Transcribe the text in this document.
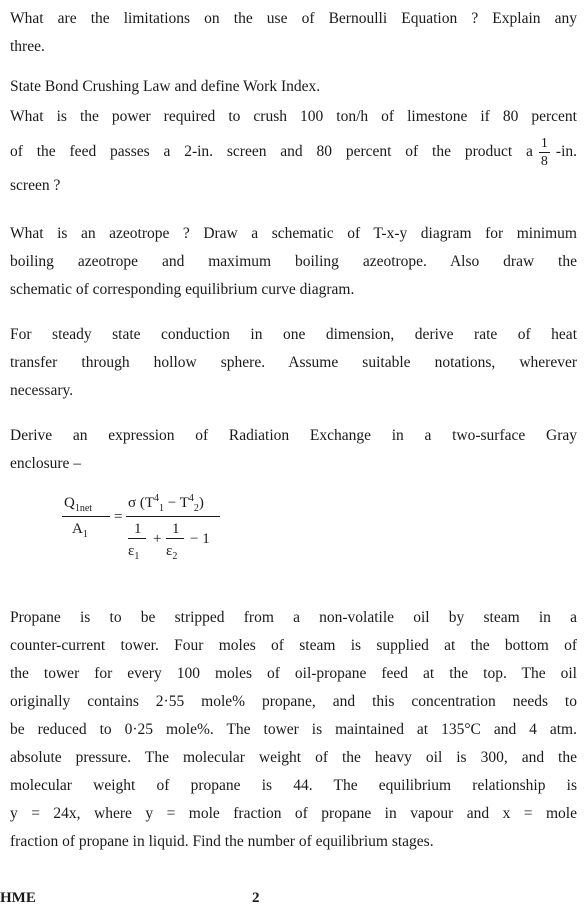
What are the limitations on the use of Bernoulli Equation ? Explain any

three.

State Bond Crushing Law and define Work Index.

What is the power required to crush 100 ton/h of limestone if 80 percent

of the feed passes a 2-in. screen and 80 percent of the product a $\frac{1}{8} -in$.

screen ?

What is an azeotrope ? Draw a schematic of T-x-y diagram for minimum

boiling azeotrope and maximum boiling azeotrope. Also draw the

schematic of corresponding equilibrium curve diagram.

For steady state conduction in one dimension, derive rate of heat

transfer through hollow sphere. Assume suitable notations, wherever

necessary.

Derive an expression of Radiation Exchange in a two-surface Gray

enclosure –

$Q_{1net}$
$A_1$
=
σ $(T^4_1 - T^4_2)$
1
$\varepsilon_1$
+
1
$\varepsilon_2$
− 1

Propane is to be stripped from a non-volatile oil by steam in a

counter-current tower. Four moles of steam is supplied at the bottom of

the tower for every 100 moles of oil-propane feed at the top. The oil

originally contains 2·55 mole% propane, and this concentration needs to

be reduced to 0·25 mole%. The tower is maintained at 135°C and 4 atm.

absolute pressure. The molecular weight of the heavy oil is 300, and the

molecular weight of propane is 44. The equilibrium relationship is

y = 24x, where y = mole fraction of propane in vapour and x = mole

fraction of propane in liquid. Find the number of equilibrium stages.

HME	2
